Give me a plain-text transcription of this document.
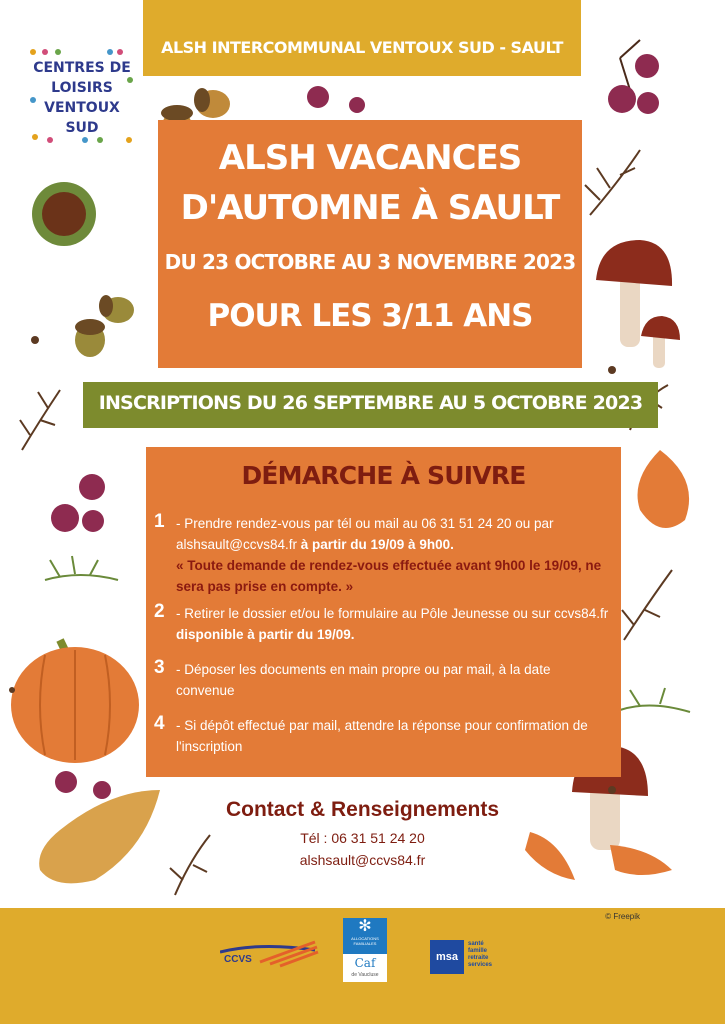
CENTRES DE LOISIRS VENTOUX SUD
ALSH INTERCOMMUNAL VENTOUX SUD - SAULT
ALSH VACANCES
D'AUTOMNE À SAULT
DU 23 OCTOBRE AU 3 NOVEMBRE 2023
POUR LES 3/11 ANS
INSCRIPTIONS DU 26 SEPTEMBRE AU 5 OCTOBRE 2023
DÉMARCHE À SUIVRE
1 - Prendre rendez-vous par tél ou mail au 06 31 51 24 20 ou par alshsault@ccvs84.fr à partir du 19/09 à 9h00.
« Toute demande de rendez-vous effectuée avant 9h00 le 19/09, ne sera pas prise en compte. »
2 - Retirer le dossier et/ou le formulaire au Pôle Jeunesse ou sur ccvs84.fr disponible à partir du 19/09.
3 - Déposer les documents en main propre ou par mail, à la date convenue
4 - Si dépôt effectué par mail, attendre la réponse pour confirmation de l'inscription
Contact & Renseignements
Tél : 06 31 51 24 20
alshsault@ccvs84.fr
© Freepik
CCVS
✻
ALLOCATIONS FAMILIALES
Caf
de Vaucluse
msa
santé famille retraite services
